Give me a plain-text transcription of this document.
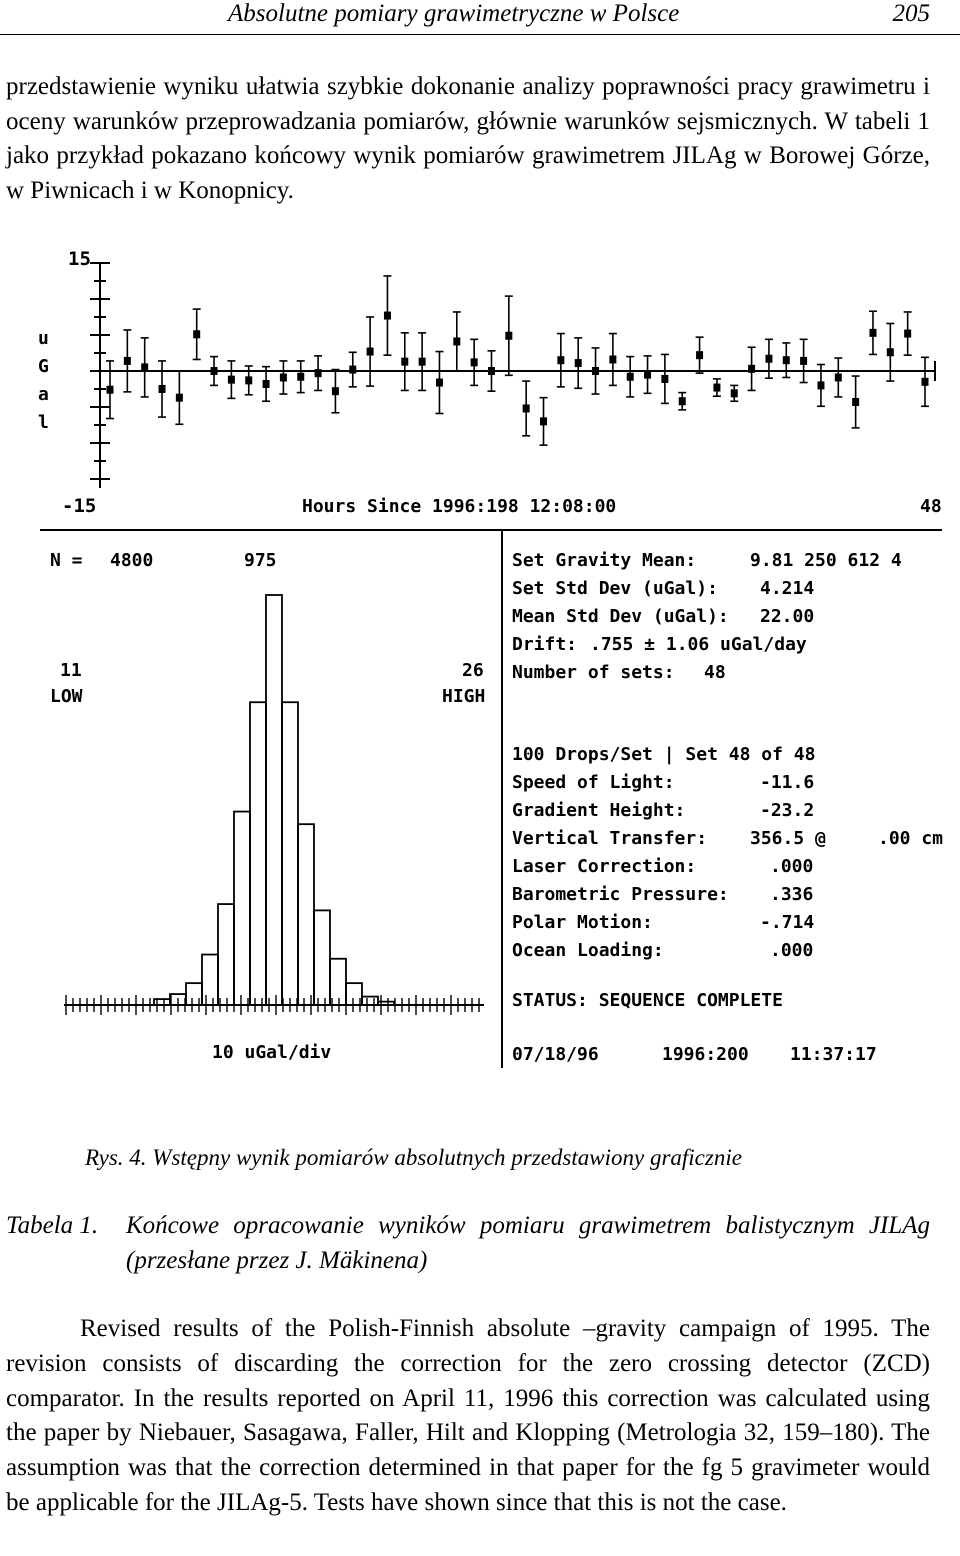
Absolutne pomiary grawimetryczne w Polsce	205
przedstawienie wyniku ułatwia szybkie dokonanie analizy poprawności pracy grawimetru i oceny warunków przeprowadzania pomiarów, głównie warunków sejsmicznych. W tabeli 1 jako przykład pokazano końcowy wynik pomiarów grawimetrem JILAg w Borowej Górze, w Piwnicach i w Konopnicy.
15
-15
u
G
a
l
Hours Since 1996:198 12:08:00	48
N = 4800	975
11
LOW
26
HIGH
10 uGal/div
Set Gravity Mean:	9.81 250 612 4
Set Std Dev (uGal): 4.214
Mean Std Dev (uGal): 22.00
Drift: .755 ± 1.06 uGal/day
Number of sets: 48
100 Drops/Set | Set 48 of 48
Speed of Light:	-11.6
Gradient Height:	-23.2
Vertical Transfer: 356.5 @	.00 cm
Laser Correction:	.000
Barometric Pressure: .336
Polar Motion:	-.714
Ocean Loading:	.000
STATUS: SEQUENCE COMPLETE
07/18/96	1996:200 11:37:17
Rys. 4. Wstępny wynik pomiarów absolutnych przedstawiony graficznie
Tabela 1. Końcowe opracowanie wyników pomiaru grawimetrem balistycznym JILAg (przesłane przez J. Mäkinena)
Revised results of the Polish-Finnish absolute –gravity campaign of 1995. The revision consists of discarding the correction for the zero crossing detector (ZCD) comparator. In the results reported on April 11, 1996 this correction was calculated using the paper by Niebauer, Sasagawa, Faller, Hilt and Klopping (Metrologia 32, 159–180). The assumption was that the correction determined in that paper for the fg 5 gravimeter would be applicable for the JILAg-5. Tests have shown since that this is not the case.
